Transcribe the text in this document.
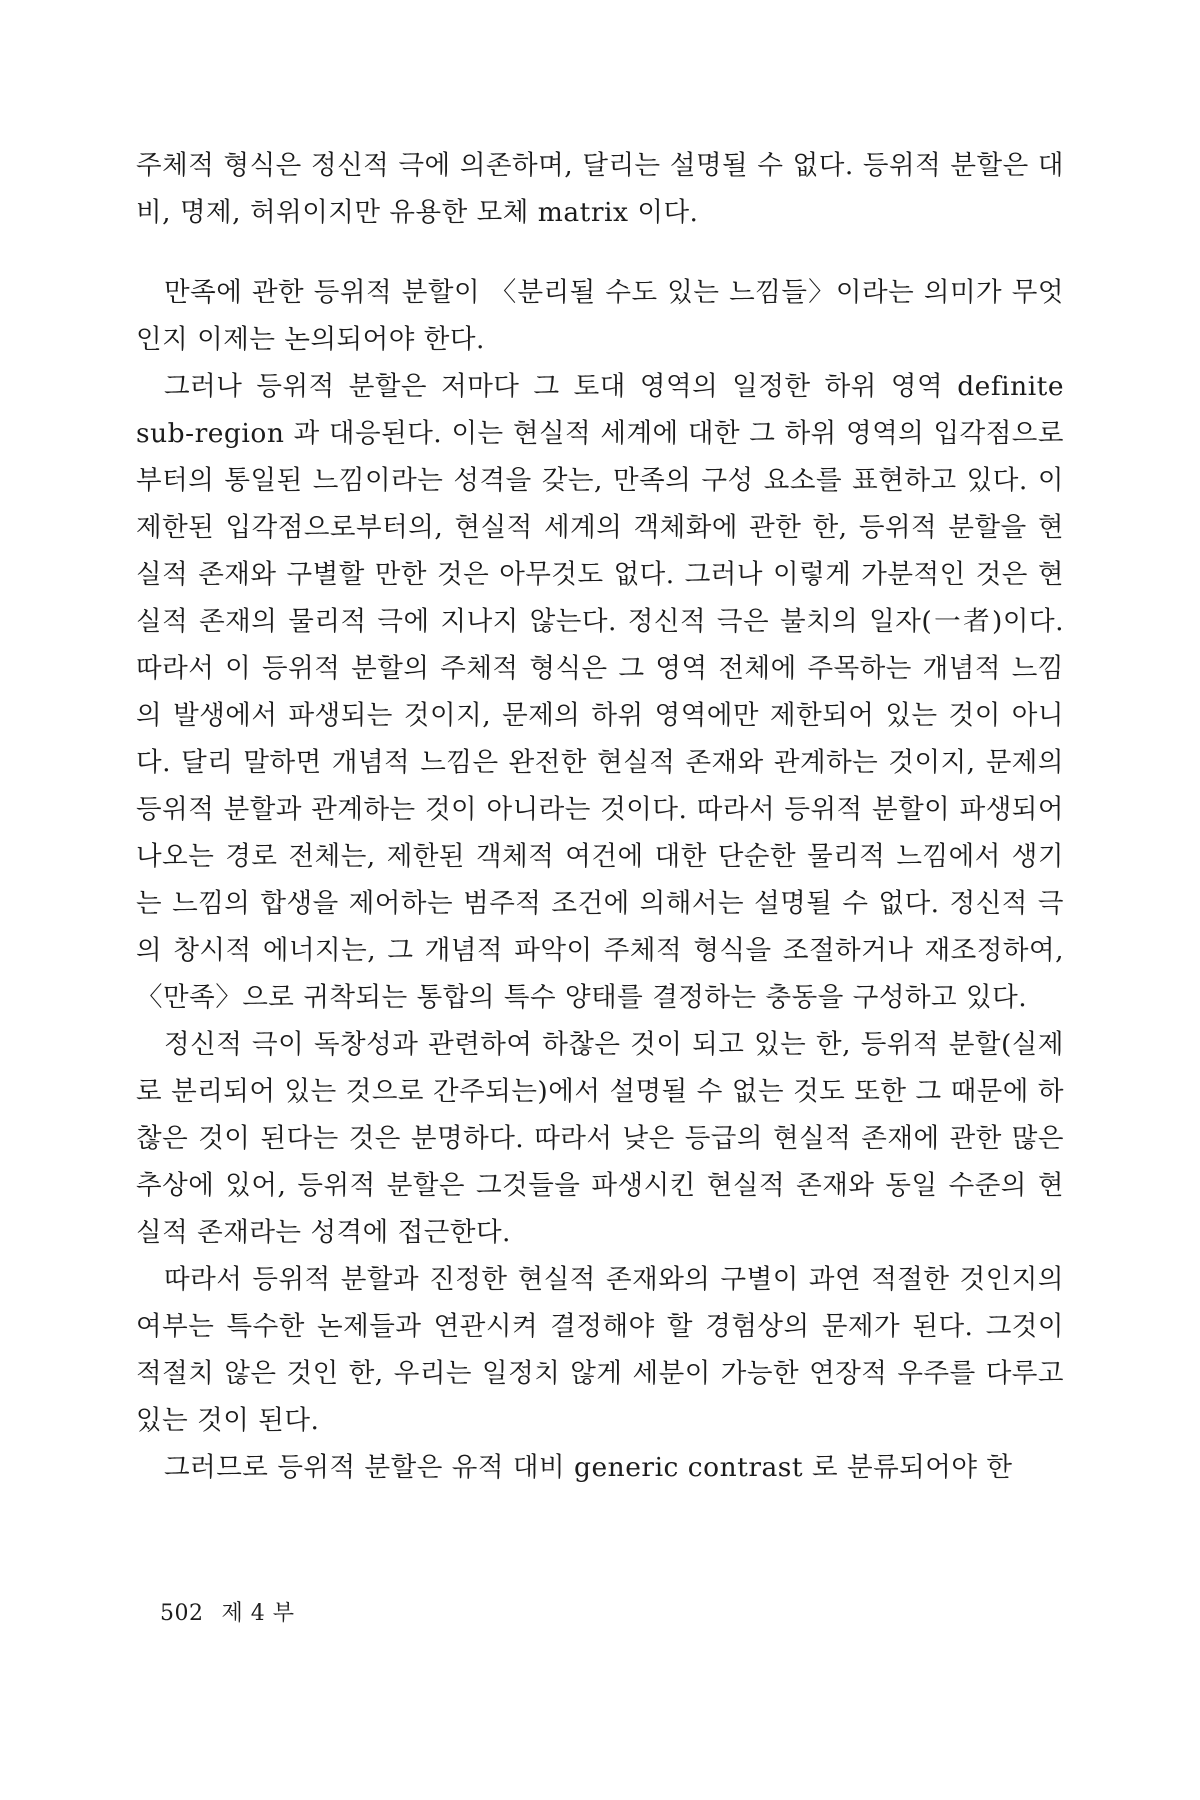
주체적 형식은 정신적 극에 의존하며, 달리는 설명될 수 없다. 등위적 분할은 대비, 명제, 허위이지만 유용한 모체 matrix 이다.

만족에 관한 등위적 분할이 〈분리될 수도 있는 느낌들〉이라는 의미가 무엇인지 이제는 논의되어야 한다.

그러나 등위적 분할은 저마다 그 토대 영역의 일정한 하위 영역 definite sub-region 과 대응된다. 이는 현실적 세계에 대한 그 하위 영역의 입각점으로부터의 통일된 느낌이라는 성격을 갖는, 만족의 구성 요소를 표현하고 있다. 이 제한된 입각점으로부터의, 현실적 세계의 객체화에 관한 한, 등위적 분할을 현실적 존재와 구별할 만한 것은 아무것도 없다. 그러나 이렇게 가분적인 것은 현실적 존재의 물리적 극에 지나지 않는다. 정신적 극은 불치의 일자(一者)이다. 따라서 이 등위적 분할의 주체적 형식은 그 영역 전체에 주목하는 개념적 느낌의 발생에서 파생되는 것이지, 문제의 하위 영역에만 제한되어 있는 것이 아니다. 달리 말하면 개념적 느낌은 완전한 현실적 존재와 관계하는 것이지, 문제의 등위적 분할과 관계하는 것이 아니라는 것이다. 따라서 등위적 분할이 파생되어 나오는 경로 전체는, 제한된 객체적 여건에 대한 단순한 물리적 느낌에서 생기는 느낌의 합생을 제어하는 범주적 조건에 의해서는 설명될 수 없다. 정신적 극의 창시적 에너지는, 그 개념적 파악이 주체적 형식을 조절하거나 재조정하여, 〈만족〉으로 귀착되는 통합의 특수 양태를 결정하는 충동을 구성하고 있다.

정신적 극이 독창성과 관련하여 하찮은 것이 되고 있는 한, 등위적 분할(실제로 분리되어 있는 것으로 간주되는)에서 설명될 수 없는 것도 또한 그 때문에 하찮은 것이 된다는 것은 분명하다. 따라서 낮은 등급의 현실적 존재에 관한 많은 추상에 있어, 등위적 분할은 그것들을 파생시킨 현실적 존재와 동일 수준의 현실적 존재라는 성격에 접근한다.

따라서 등위적 분할과 진정한 현실적 존재와의 구별이 과연 적절한 것인지의 여부는 특수한 논제들과 연관시켜 결정해야 할 경험상의 문제가 된다. 그것이 적절치 않은 것인 한, 우리는 일정치 않게 세분이 가능한 연장적 우주를 다루고 있는 것이 된다.

그러므로 등위적 분할은 유적 대비 generic contrast 로 분류되어야 한

502 제 4 부
